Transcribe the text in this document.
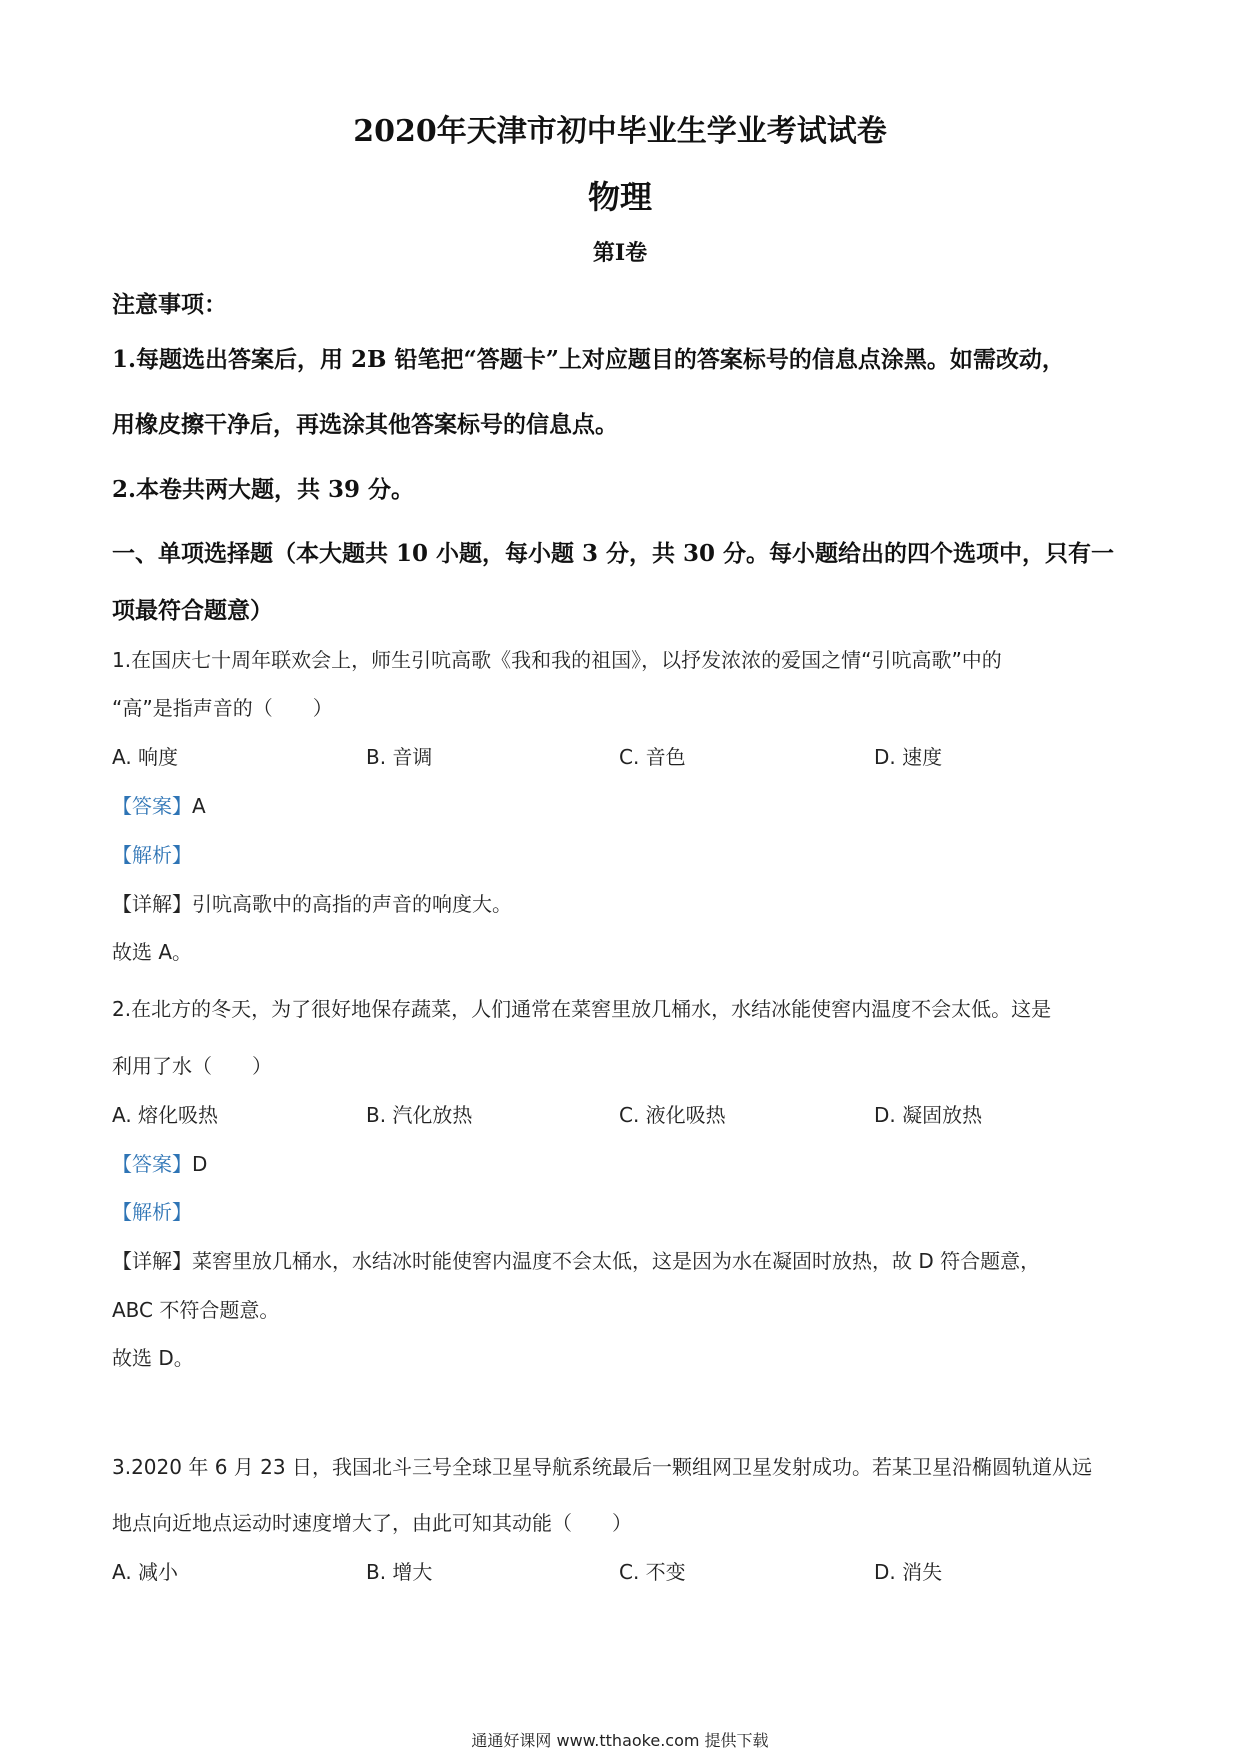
2020年天津市初中毕业生学业考试试卷
物理
第I卷
注意事项：
1.每题选出答案后，用 2B 铅笔把“答题卡”上对应题目的答案标号的信息点涂黑。如需改动，
用橡皮擦干净后，再选涂其他答案标号的信息点。
2.本卷共两大题，共 39 分。
一、单项选择题（本大题共 10 小题，每小题 3 分，共 30 分。每小题给出的四个选项中，只有一
项最符合题意）
1.在国庆七十周年联欢会上，师生引吭高歌《我和我的祖国》，以抒发浓浓的爱国之情“引吭高歌”中的
“高”是指声音的（　　）
A. 响度	B. 音调	C. 音色	D. 速度
【答案】A
【解析】
【详解】引吭高歌中的高指的声音的响度大。
故选 A。
2.在北方的冬天，为了很好地保存蔬菜，人们通常在菜窖里放几桶水，水结冰能使窖内温度不会太低。这是
利用了水（　　）
A. 熔化吸热	B. 汽化放热	C. 液化吸热	D. 凝固放热
【答案】D
【解析】
【详解】菜窖里放几桶水，水结冰时能使窖内温度不会太低，这是因为水在凝固时放热，故 D 符合题意，
ABC 不符合题意。
故选 D。
3.2020 年 6 月 23 日，我国北斗三号全球卫星导航系统最后一颗组网卫星发射成功。若某卫星沿椭圆轨道从远
地点向近地点运动时速度增大了，由此可知其动能（　　）
A. 减小	B. 增大	C. 不变	D. 消失
通通好课网 www.tthaoke.com 提供下载
